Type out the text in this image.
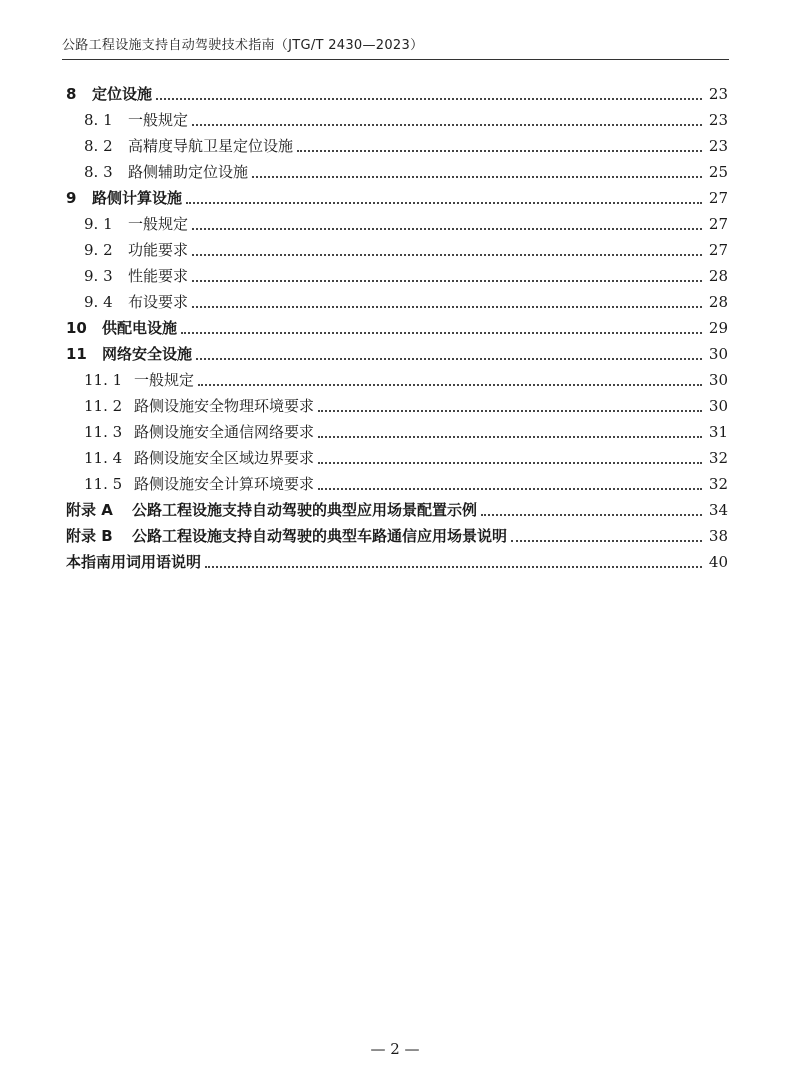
公路工程设施支持自动驾驶技术指南（JTG/T 2430—2023）
8	定位设施	23
8. 1	一般规定	23
8. 2	高精度导航卫星定位设施	23
8. 3	路侧辅助定位设施	25
9	路侧计算设施	27
9. 1	一般规定	27
9. 2	功能要求	27
9. 3	性能要求	28
9. 4	布设要求	28
10	供配电设施	29
11	网络安全设施	30
11. 1 一般规定	30
11. 2 路侧设施安全物理环境要求	30
11. 3 路侧设施安全通信网络要求	31
11. 4 路侧设施安全区域边界要求	32
11. 5 路侧设施安全计算环境要求	32
附录 A	公路工程设施支持自动驾驶的典型应用场景配置示例	34
附录 B	公路工程设施支持自动驾驶的典型车路通信应用场景说明	38
本指南用词用语说明	40
— 2 —
